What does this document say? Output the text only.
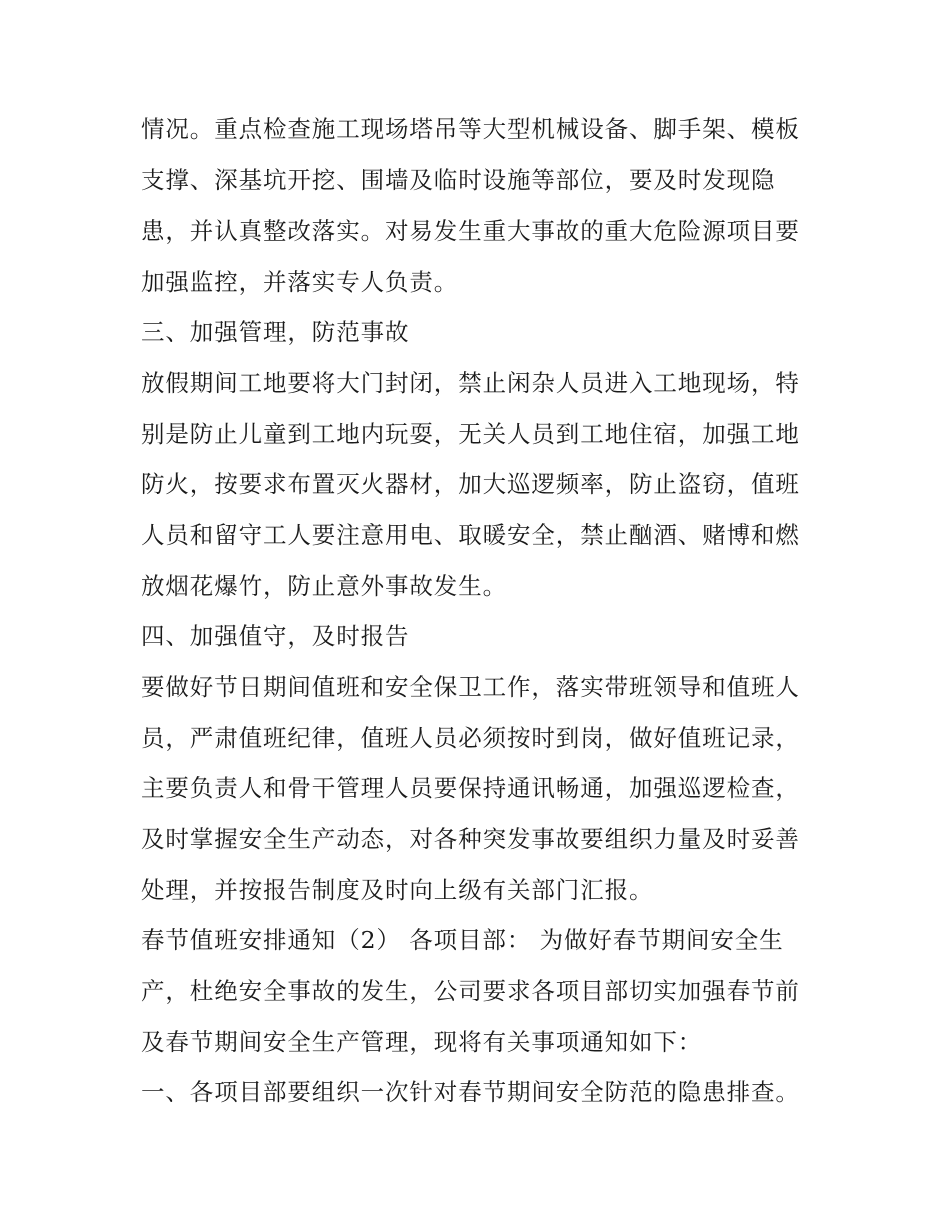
情况。重点检查施工现场塔吊等大型机械设备、脚手架、模板
支撑、深基坑开挖、围墙及临时设施等部位，要及时发现隐
患，并认真整改落实。对易发生重大事故的重大危险源项目要
加强监控，并落实专人负责。
三、加强管理，防范事故
放假期间工地要将大门封闭，禁止闲杂人员进入工地现场，特
别是防止儿童到工地内玩耍，无关人员到工地住宿，加强工地
防火，按要求布置灭火器材，加大巡逻频率，防止盗窃，值班
人员和留守工人要注意用电、取暖安全，禁止酗酒、赌博和燃
放烟花爆竹，防止意外事故发生。
四、加强值守，及时报告
要做好节日期间值班和安全保卫工作，落实带班领导和值班人
员，严肃值班纪律，值班人员必须按时到岗，做好值班记录，
主要负责人和骨干管理人员要保持通讯畅通，加强巡逻检查，
及时掌握安全生产动态，对各种突发事故要组织力量及时妥善
处理，并按报告制度及时向上级有关部门汇报。
春节值班安排通知（2） 各项目部： 为做好春节期间安全生
产，杜绝安全事故的发生，公司要求各项目部切实加强春节前
及春节期间安全生产管理，现将有关事项通知如下：
一、各项目部要组织一次针对春节期间安全防范的隐患排查。
